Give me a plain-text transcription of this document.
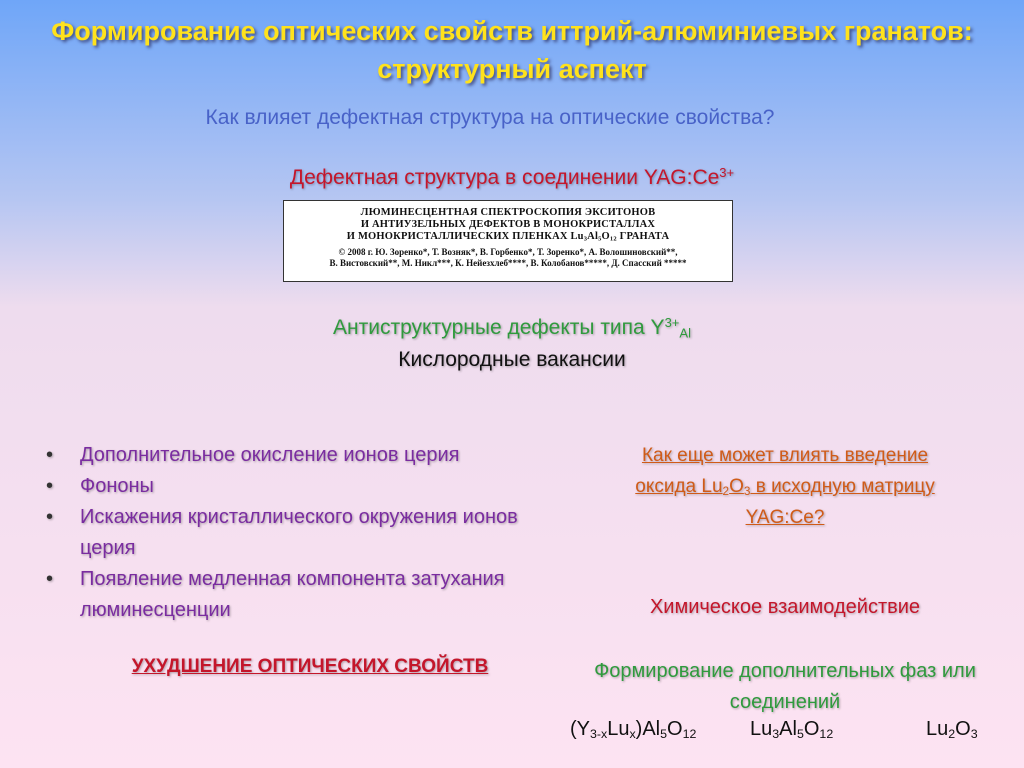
Формирование оптических свойств иттрий-алюминиевых гранатов: структурный аспект
Как влияет дефектная структура на оптические свойства?
Дефектная структура в соединении $YAG:Ce^{3+}$
ЛЮМИНЕСЦЕНТНАЯ СПЕКТРОСКОПИЯ ЭКСИТОНОВ
И АНТИУЗЕЛЬНЫХ ДЕФЕКТОВ В МОНОКРИСТАЛЛАХ
И МОНОКРИСТАЛЛИЧЕСКИХ ПЛЕНКАХ $Lu_3Al_5O_{12}$ ГРАНАТА
© 2008 г. Ю. Зоренко*, Т. Возняк*, В. Горбенко*, Т. Зоренко*, А. Волошиновский**,
В. Вистовский**, М. Никл***, К. Нейезхлеб****, В. Колобанов*****, Д. Спасский *****
Антиструктурные дефекты типа $Y^{3+}_{Al}$
Кислородные вакансии
• Дополнительное окисление ионов церия
• Фононы
• Искажения кристаллического окружения ионов церия
• Появление медленная компонента затухания люминесценции
УХУДШЕНИЕ ОПТИЧЕСКИХ СВОЙСТВ
Как еще может влиять введение
оксида $Lu_2O_3$ в исходную матрицу
YAG:Ce?
Химическое взаимодействие
Формирование дополнительных фаз или соединений
$(Y_{3-x}Lu_x)Al_5O_{12}$	$Lu_3Al_5O_{12}$	$Lu_2O_3$
